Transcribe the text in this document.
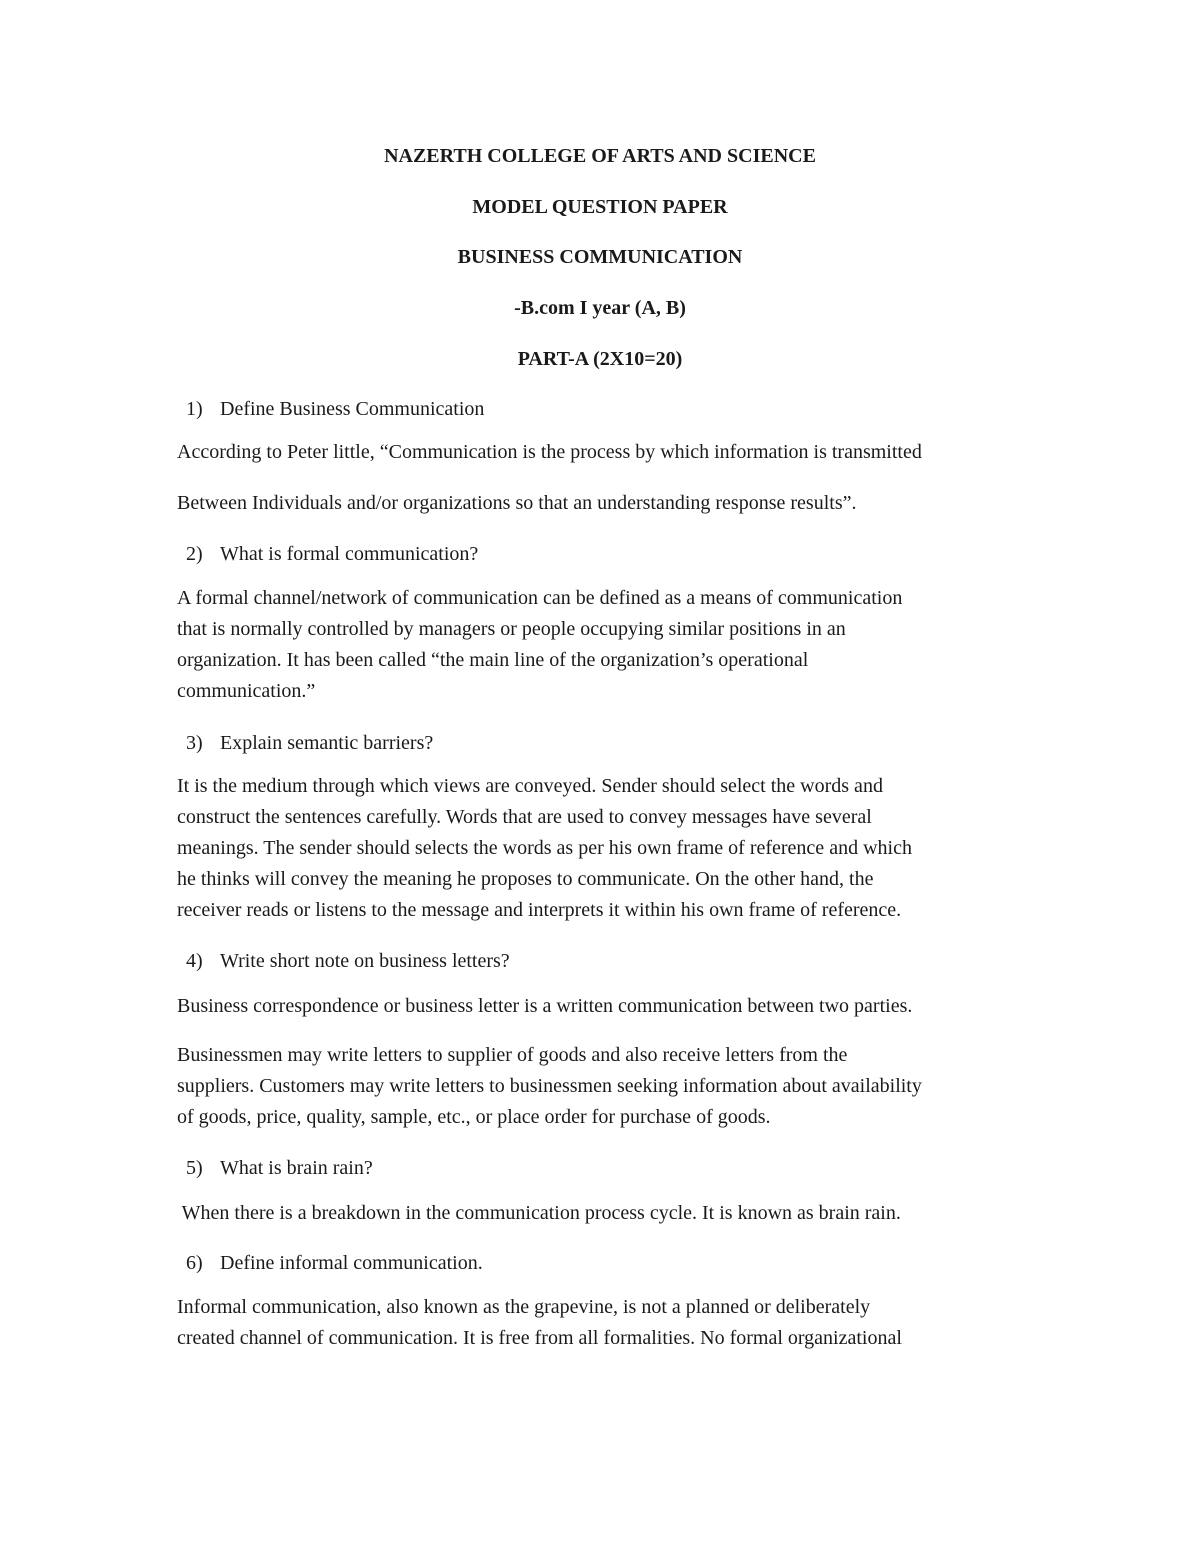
NAZERTH COLLEGE OF ARTS AND SCIENCE
MODEL QUESTION PAPER
BUSINESS COMMUNICATION
-B.com I year (A, B)
PART-A (2X10=20)
1) Define Business Communication
According to Peter little, “Communication is the process by which information is transmitted
Between Individuals and/or organizations so that an understanding response results”.
2) What is formal communication?
A formal channel/network of communication can be defined as a means of communication
that is normally controlled by managers or people occupying similar positions in an
organization. It has been called “the main line of the organization’s operational
communication.”
3) Explain semantic barriers?
It is the medium through which views are conveyed. Sender should select the words and
construct the sentences carefully. Words that are used to convey messages have several
meanings. The sender should selects the words as per his own frame of reference and which
he thinks will convey the meaning he proposes to communicate. On the other hand, the
receiver reads or listens to the message and interprets it within his own frame of reference.
4) Write short note on business letters?
Business correspondence or business letter is a written communication between two parties.
Businessmen may write letters to supplier of goods and also receive letters from the
suppliers. Customers may write letters to businessmen seeking information about availability
of goods, price, quality, sample, etc., or place order for purchase of goods.
5) What is brain rain?
When there is a breakdown in the communication process cycle. It is known as brain rain.
6) Define informal communication.
Informal communication, also known as the grapevine, is not a planned or deliberately
created channel of communication. It is free from all formalities. No formal organizational
